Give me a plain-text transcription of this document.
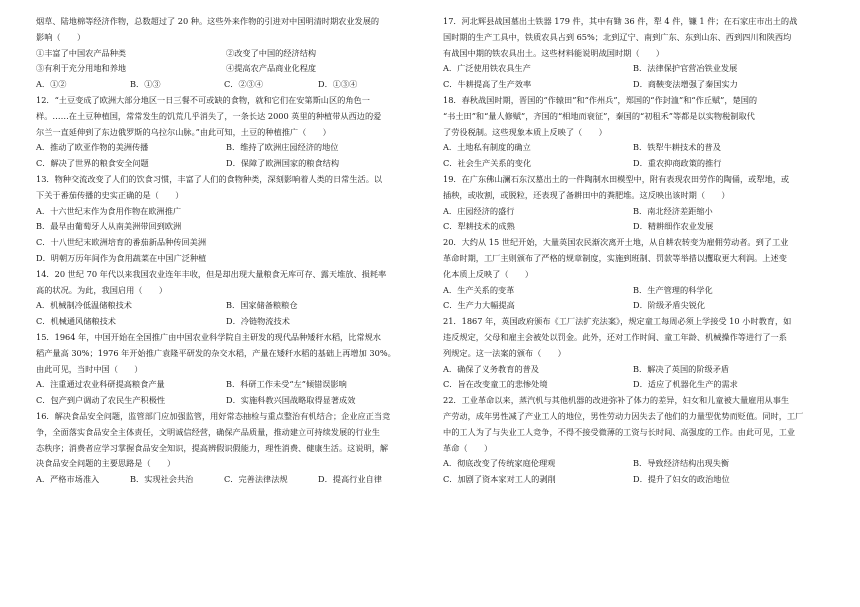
烟草、陆地棉等经济作物，总数超过了 20 种。这些外来作物的引进对中国明清时期农业发展的
影响（　　）
①丰富了中国农产品种类	②改变了中国的经济结构
③有利于充分用地和养地	④提高农产品商业化程度
A．①②	B．①③	C．②③④	D．①③④
12．“土豆变成了欧洲大部分地区一日三餐不可或缺的食物，就和它们在安第斯山区的角色一
样。……在土豆种植国，常常发生的饥荒几乎消失了，一条长达 2000 英里的种植带从西边的爱
尔兰一直延伸到了东边俄罗斯的乌拉尔山脉。”由此可知，土豆的种植推广（　　）
A．推动了欧亚作物的美洲传播	B．维持了欧洲庄园经济的地位
C．解决了世界的粮食安全问题	D．保障了欧洲国家的粮食结构
13．物种交流改变了人们的饮食习惯，丰富了人们的食物种类，深刻影响着人类的日常生活。以
下关于番茄传播的史实正确的是（　　）
A．十六世纪末作为食用作物在欧洲推广
B．最早由葡萄牙人从南美洲带回到欧洲
C．十八世纪末欧洲培育的番茄新品种传回美洲
D．明朝万历年间作为食用蔬菜在中国广泛种植
14．20 世纪 70 年代以来我国农业连年丰收，但是却出现大量粮食无库可存、露天堆放、损耗率
高的状况。为此，我国启用（　　）
A．机械制冷低温储粮技术	B．国家储备粮粮仓
C．机械通风储粮技术	D．冷链物流技术
15．1964 年，中国开始在全国推广由中国农业科学院自主研发的现代品种矮秆水稻，比常规水
稻产量高 30%；1976 年开始推广袁隆平研发的杂交水稻，产量在矮秆水稻的基础上再增加 30%。
由此可见，当时中国（　　）
A．注重通过农业科研提高粮食产量	B．科研工作未受“左”倾错误影响
C．包产到户调动了农民生产积极性	D．实施科教兴国战略取得显著成效
16．解决食品安全问题，监管部门应加强监管，用好常态抽检与重点整治有机结合；企业应正当竞
争，全面落实食品安全主体责任，文明诚信经营，确保产品质量，推动建立可持续发展的行业生
态秩序；消费者应学习掌握食品安全知识，提高辨假识假能力，理性消费、健康生活。这说明，解
决食品安全问题的主要思路是（　　）
A．严格市场准入	B．实现社会共治	C．完善法律法规	D．提高行业自律
17．河北辉县战国墓出土铁器 179 件，其中有锄 36 件，犁 4 件，镰 1 件；在石家庄市出土的战
国时期的生产工具中，铁质农具占到 65%；北到辽宁、南到广东、东到山东、西到四川和陕西均
有战国中期的铁农具出土。这些材料能说明战国时期（　　）
A．广泛使用铁农具生产	B．法律保护官营冶铁业发展
C．牛耕提高了生产效率	D．商鞅变法增强了秦国实力
18．春秋战国时期，晋国的“作辕田”和“作州兵”，郑国的“作封洫”和“作丘赋”，楚国的
“书土田”和“量人修赋”，齐国的“相地而衰征”，秦国的“初租禾”等都是以实物税制取代
了劳役税制。这些现象本质上反映了（　　）
A．土地私有制度的确立	B．铁犁牛耕技术的普及
C．社会生产关系的变化	D．重农抑商政策的推行
19．在广东佛山澜石东汉墓出土的一件陶制水田模型中，附有表现农田劳作的陶俑，或犁地，或
插秧，或收割，或脱粒，还表现了备耕田中的粪肥堆。这反映出该时期（　　）
A．庄园经济的盛行	B．南北经济差距缩小
C．犁耕技术的成熟	D．精耕细作农业发展
20．大约从 15 世纪开始，大量英国农民渐次离开土地，从自耕农转变为雇佣劳动者。到了工业
革命时期，工厂主则颁布了严格的规章制度，实施到班制、罚款等举措以攫取更大利润。上述变
化本质上反映了（　　）
A．生产关系的变革	B．生产管理的科学化
C．生产力大幅提高	D．阶级矛盾尖锐化
21．1867 年，英国政府颁布《工厂法扩充法案》，规定童工每周必须上学接受 10 小时教育，如
违反规定，父母和雇主会被处以罚金。此外，还对工作时间、童工年龄、机械操作等进行了一系
列规定。这一法案的颁布（　　）
A．确保了义务教育的普及	B．解决了英国的阶级矛盾
C．旨在改变童工的悲惨处境	D．适应了机器化生产的需求
22．工业革命以来，蒸汽机与其他机器的改进弥补了体力的差异，妇女和儿童被大量雇用从事生
产劳动，成年男性减了产业工人的地位，男性劳动力因失去了他们的力量型优势而贬值。同时，工厂
中的工人为了与失业工人竞争，不得不接受微薄的工资与长时间、高强度的工作。由此可见，工业
革命（　　）
A．彻底改变了传统家庭伦理观	B．导致经济结构出现失衡
C．加剧了资本家对工人的剥削	D．提升了妇女的政治地位
